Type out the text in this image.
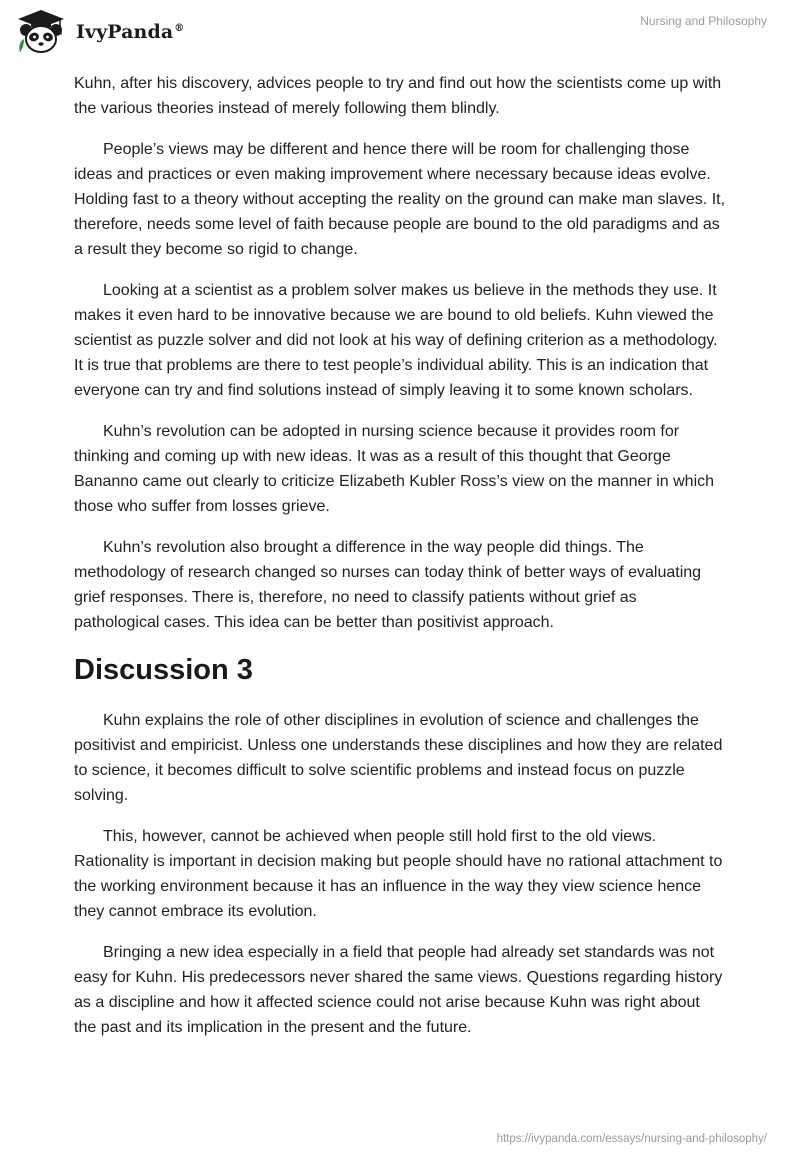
IvyPanda®
Nursing and Philosophy

Kuhn, after his discovery, advices people to try and find out how the scientists come up with the various theories instead of merely following them blindly.

People’s views may be different and hence there will be room for challenging those ideas and practices or even making improvement where necessary because ideas evolve. Holding fast to a theory without accepting the reality on the ground can make man slaves. It, therefore, needs some level of faith because people are bound to the old paradigms and as a result they become so rigid to change.

Looking at a scientist as a problem solver makes us believe in the methods they use. It makes it even hard to be innovative because we are bound to old beliefs. Kuhn viewed the scientist as puzzle solver and did not look at his way of defining criterion as a methodology. It is true that problems are there to test people’s individual ability. This is an indication that everyone can try and find solutions instead of simply leaving it to some known scholars.

Kuhn’s revolution can be adopted in nursing science because it provides room for thinking and coming up with new ideas. It was as a result of this thought that George Bananno came out clearly to criticize Elizabeth Kubler Ross’s view on the manner in which those who suffer from losses grieve.

Kuhn’s revolution also brought a difference in the way people did things. The methodology of research changed so nurses can today think of better ways of evaluating grief responses. There is, therefore, no need to classify patients without grief as pathological cases. This idea can be better than positivist approach.

Discussion 3

Kuhn explains the role of other disciplines in evolution of science and challenges the positivist and empiricist. Unless one understands these disciplines and how they are related to science, it becomes difficult to solve scientific problems and instead focus on puzzle solving.

This, however, cannot be achieved when people still hold first to the old views. Rationality is important in decision making but people should have no rational attachment to the working environment because it has an influence in the way they view science hence they cannot embrace its evolution.

Bringing a new idea especially in a field that people had already set standards was not easy for Kuhn. His predecessors never shared the same views. Questions regarding history as a discipline and how it affected science could not arise because Kuhn was right about the past and its implication in the present and the future.

https://ivypanda.com/essays/nursing-and-philosophy/
